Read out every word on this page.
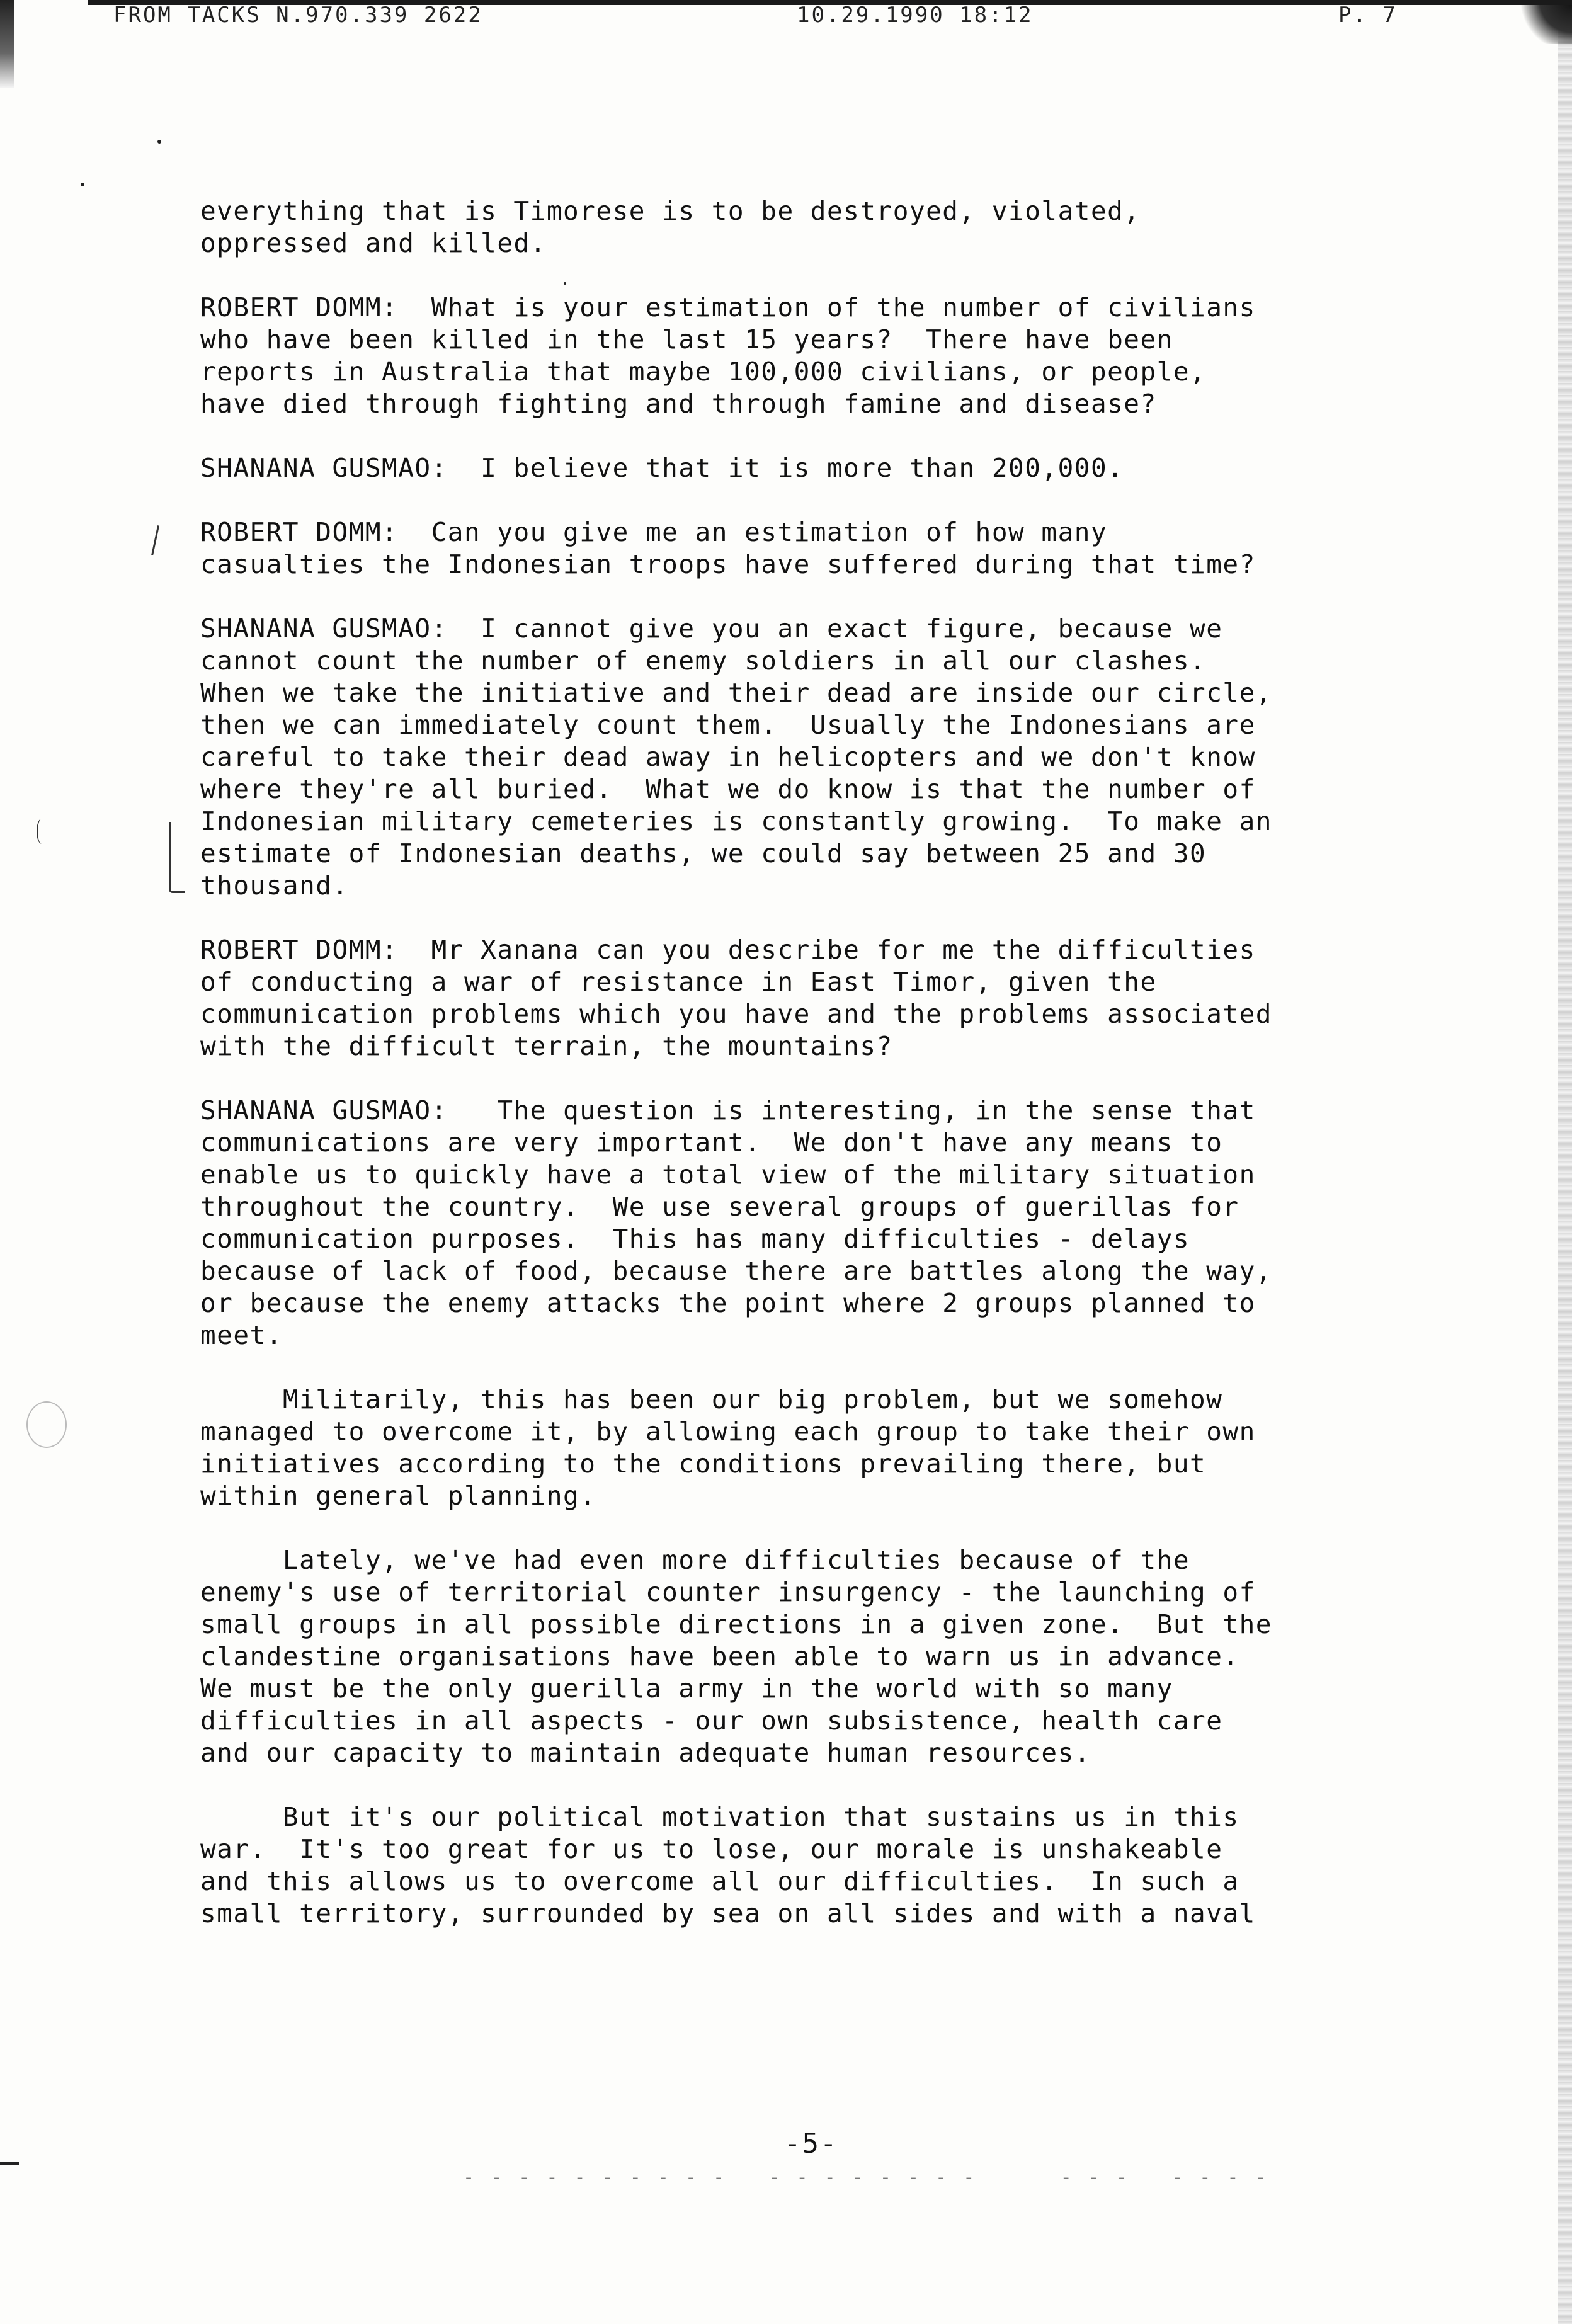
FROM TACKS N.970.339 2622	10.29.1990 18:12	P. 7
everything that is Timorese is to be destroyed, violated,
oppressed and killed.

ROBERT DOMM:  What is your estimation of the number of civilians
who have been killed in the last 15 years?  There have been
reports in Australia that maybe 100,000 civilians, or people,
have died through fighting and through famine and disease?

SHANANA GUSMAO:  I believe that it is more than 200,000.

ROBERT DOMM:  Can you give me an estimation of how many
casualties the Indonesian troops have suffered during that time?

SHANANA GUSMAO:  I cannot give you an exact figure, because we
cannot count the number of enemy soldiers in all our clashes.
When we take the initiative and their dead are inside our circle,
then we can immediately count them.  Usually the Indonesians are
careful to take their dead away in helicopters and we don't know
where they're all buried.  What we do know is that the number of
Indonesian military cemeteries is constantly growing.  To make an
estimate of Indonesian deaths, we could say between 25 and 30
thousand.

ROBERT DOMM:  Mr Xanana can you describe for me the difficulties
of conducting a war of resistance in East Timor, given the
communication problems which you have and the problems associated
with the difficult terrain, the mountains?

SHANANA GUSMAO:   The question is interesting, in the sense that
communications are very important.  We don't have any means to
enable us to quickly have a total view of the military situation
throughout the country.  We use several groups of guerillas for
communication purposes.  This has many difficulties - delays
because of lack of food, because there are battles along the way,
or because the enemy attacks the point where 2 groups planned to
meet.

Militarily, this has been our big problem, but we somehow
managed to overcome it, by allowing each group to take their own
initiatives according to the conditions prevailing there, but
within general planning.

Lately, we've had even more difficulties because of the
enemy's use of territorial counter insurgency - the launching of
small groups in all possible directions in a given zone.  But the
clandestine organisations have been able to warn us in advance.
We must be the only guerilla army in the world with so many
difficulties in all aspects - our own subsistence, health care
and our capacity to maintain adequate human resources.

But it's our political motivation that sustains us in this
war.  It's too great for us to lose, our morale is unshakeable
and this allows us to overcome all our difficulties.  In such a
small territory, surrounded by sea on all sides and with a naval
-5-
- - - - - - - - - -   - - - - - - - -      - - -   - - - -
